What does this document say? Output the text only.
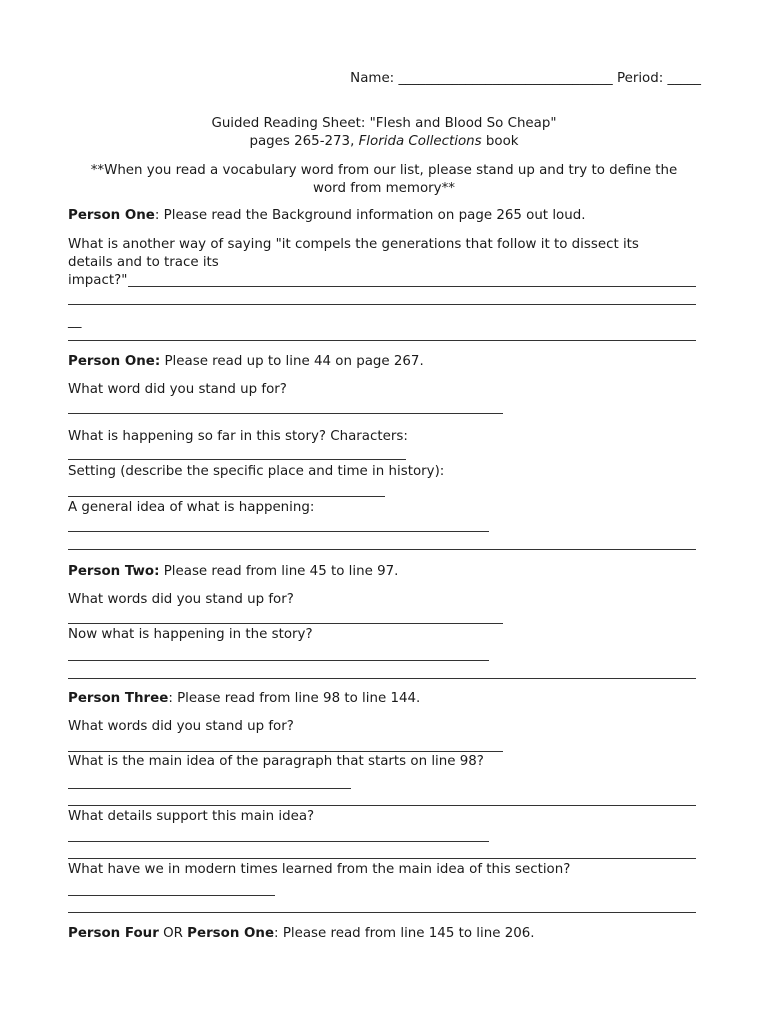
Name: ________________________________ Period: _____
Guided Reading Sheet: "Flesh and Blood So Cheap"
pages 265-273, Florida Collections book
**When you read a vocabulary word from our list, please stand up and try to define the
word from memory**
Person One: Please read the Background information on page 265 out loud.
What is another way of saying "it compels the generations that follow it to dissect its
details and to trace its
impact?"
__
Person One: Please read up to line 44 on page 267.
What word did you stand up for?
What is happening so far in this story? Characters:
Setting (describe the specific place and time in history):
A general idea of what is happening:
Person Two: Please read from line 45 to line 97.
What words did you stand up for?
Now what is happening in the story?
Person Three: Please read from line 98 to line 144.
What words did you stand up for?
What is the main idea of the paragraph that starts on line 98?
What details support this main idea?
What have we in modern times learned from the main idea of this section?
Person Four OR Person One: Please read from line 145 to line 206.
